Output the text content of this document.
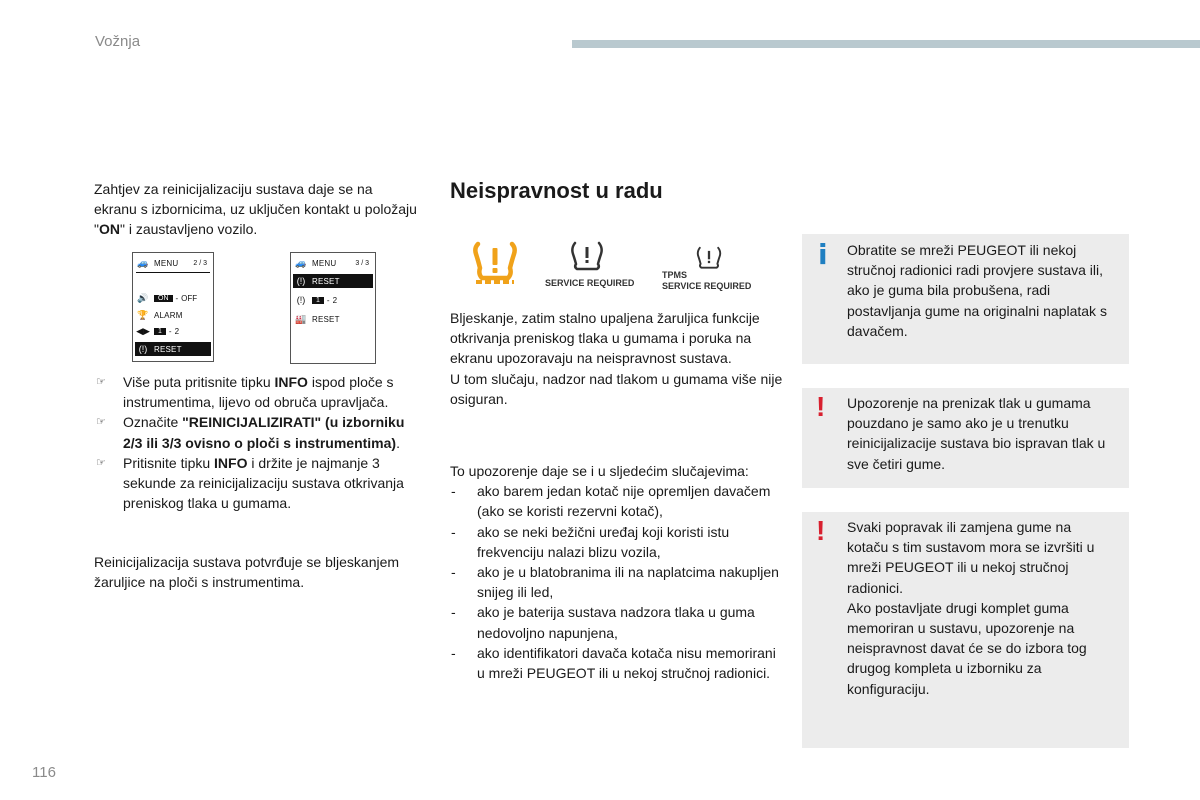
Vožnja

Zahtjev za reinicijalizaciju sustava daje se na ekranu s izbornicima, uz uključen kontakt u položaju "ON" i zaustavljeno vozilo.

🚙 MENU 2 / 3
🔊	ON - OFF
🏆 ALARM
◀▶	1 - 2
(!) RESET
🚙 MENU	3 / 3
(!) RESET
(!)	1 - 2
🏭 RESET
☞ Više puta pritisnite tipku INFO ispod ploče s instrumentima, lijevo od obruča upravljača.
☞ Označite "REINICIJALIZIRATI" (u izborniku 2/3 ili 3/3 ovisno o ploči s instrumentima).
☞ Pritisnite tipku INFO i držite je najmanje 3 sekunde za reinicijalizaciju sustava otkrivanja preniskog tlaka u gumama.

Reinicijalizacija sustava potvrđuje se bljeskanjem žaruljice na ploči s instrumentima.

Neispravnost u radu
SERVICE REQUIRED
TPMS
SERVICE REQUIRED

Bljeskanje, zatim stalno upaljena žaruljica funkcije otkrivanja preniskog tlaka u gumama i poruka na ekranu upozoravaju na neispravnost sustava.

U tom slučaju, nadzor nad tlakom u gumama više nije osiguran.

To upozorenje daje se i u sljedećim slučajevima:

- ako barem jedan kotač nije opremljen davačem (ako se koristi rezervni kotač),
- ako se neki bežični uređaj koji koristi istu frekvenciju nalazi blizu vozila,
- ako je u blatobranima ili na naplatcima nakupljen snijeg ili led,
- ako je baterija sustava nadzora tlaka u guma nedovoljno napunjena,
- ako identifikatori davača kotača nisu memorirani u mreži PEUGEOT ili u nekoj stručnoj radionici.
i Obratite se mreži PEUGEOT ili nekoj stručnoj radionici radi provjere sustava ili, ako je guma bila probušena, radi postavljanja gume na originalni naplatak s davačem.
! Upozorenje na prenizak tlak u gumama pouzdano je samo ako je u trenutku reinicijalizacije sustava bio ispravan tlak u sve četiri gume.
! Svaki popravak ili zamjena gume na kotaču s tim sustavom mora se izvršiti u mreži PEUGEOT ili u nekoj stručnoj radionici.
Ako postavljate drugi komplet guma memoriran u sustavu, upozorenje na neispravnost davat će se do izbora tog drugog kompleta u izborniku za konfiguraciju.
116
